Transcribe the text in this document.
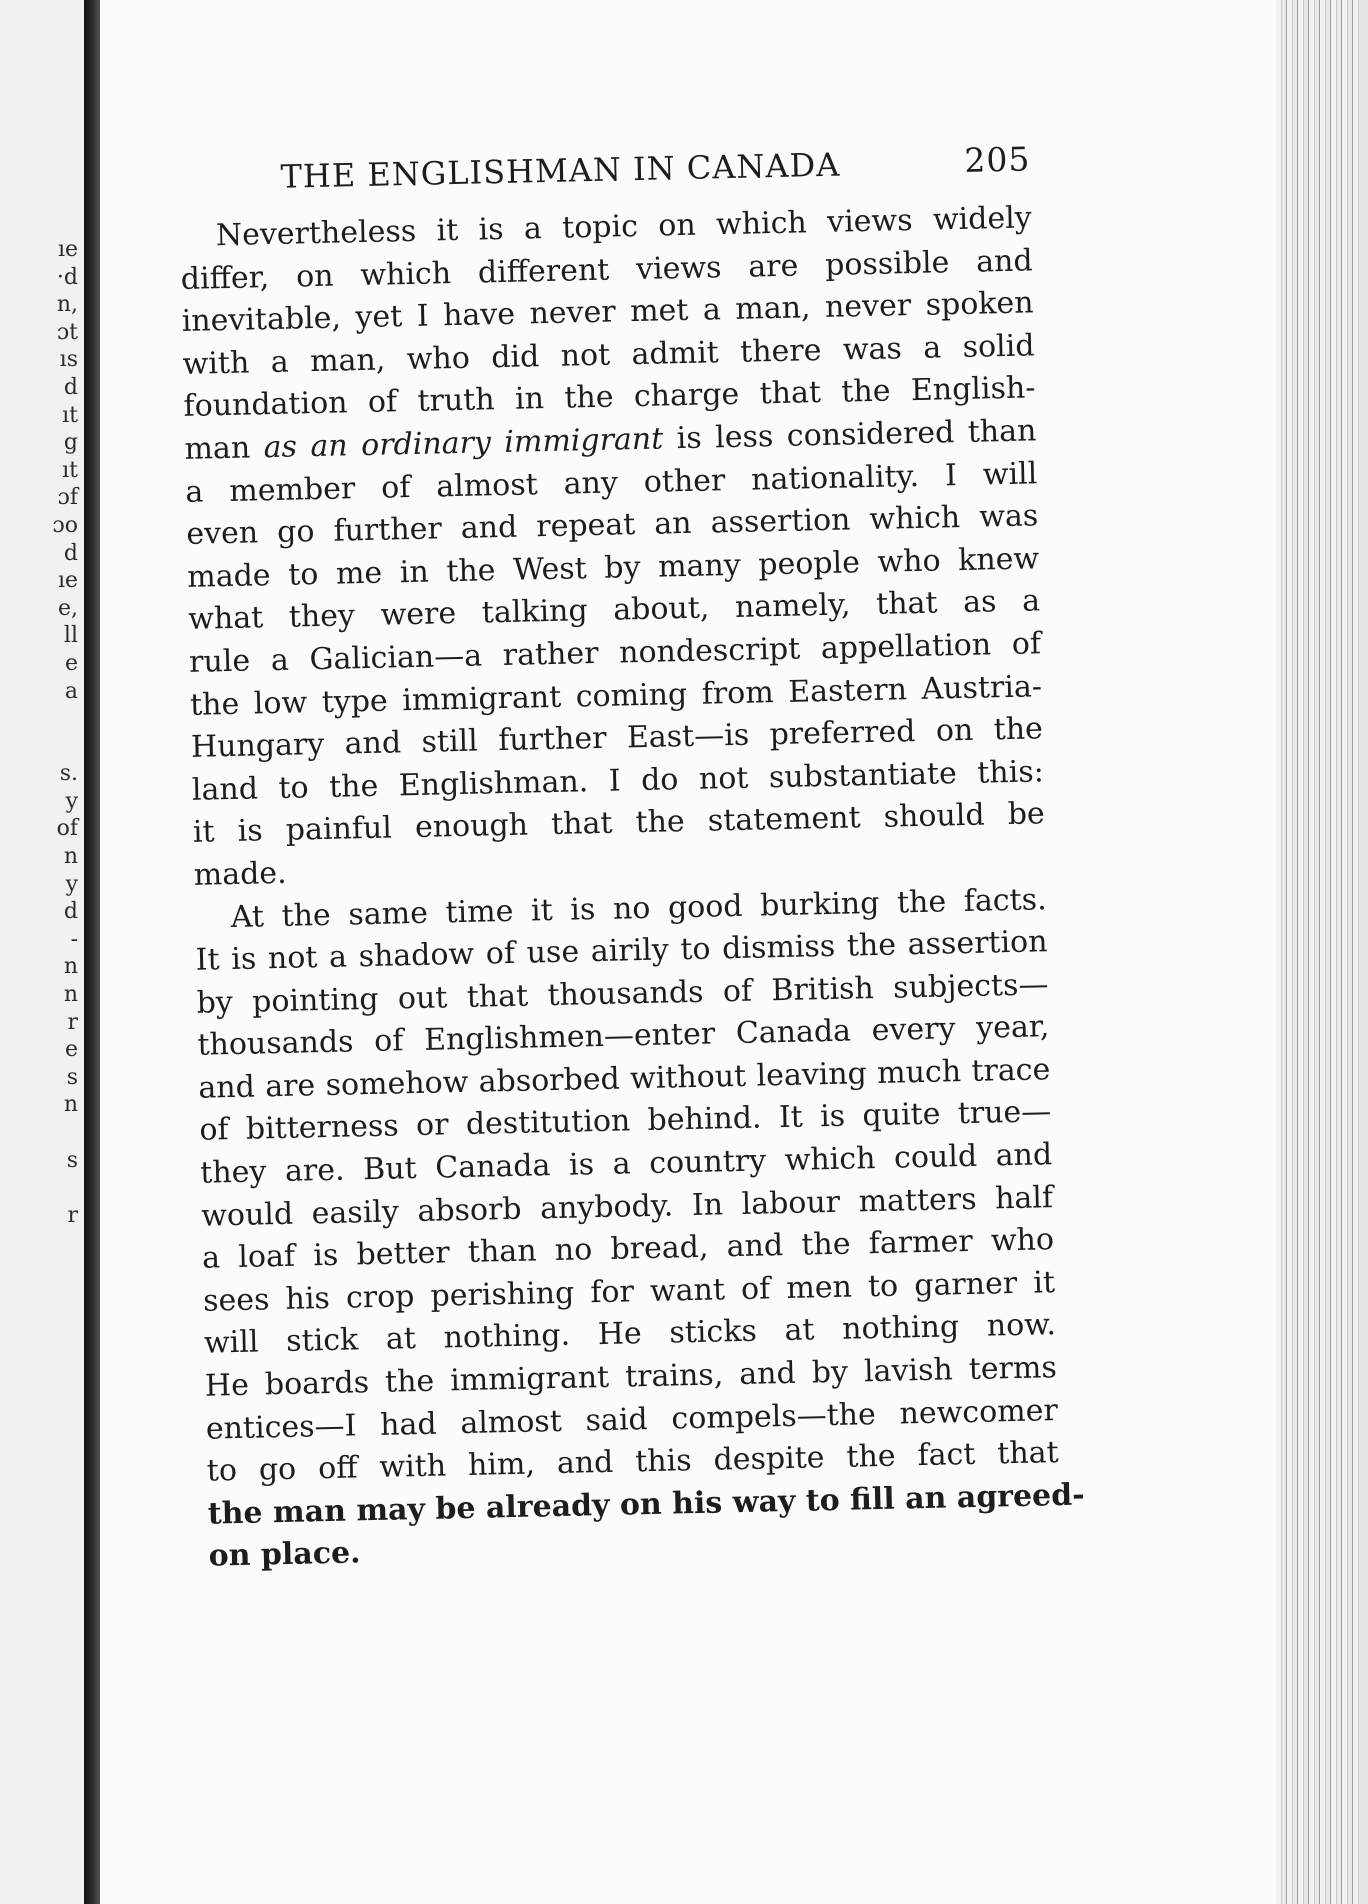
ıe
·d
n,
ɔt
ıs
d
ıt
g
ıt
ɔf
ɔo
d
ıe
e,
ll
e
a
s.
y
of
n
y
d
-
n
n
r
e
s
n
s
r
THE ENGLISHMAN IN CANADA	205
Nevertheless it is a topic on which views widely
differ, on which different views are possible and
inevitable, yet I have never met a man, never spoken
with a man, who did not admit there was a solid
foundation of truth in the charge that the English-
man as an ordinary immigrant is less considered than
a member of almost any other nationality. I will
even go further and repeat an assertion which was
made to me in the West by many people who knew
what they were talking about, namely, that as a
rule a Galician—a rather nondescript appellation of
the low type immigrant coming from Eastern Austria-
Hungary and still further East—is preferred on the
land to the Englishman. I do not substantiate this:
it is painful enough that the statement should be
made.
At the same time it is no good burking the facts.
It is not a shadow of use airily to dismiss the assertion
by pointing out that thousands of British subjects—
thousands of Englishmen—enter Canada every year,
and are somehow absorbed without leaving much trace
of bitterness or destitution behind. It is quite true—
they are. But Canada is a country which could and
would easily absorb anybody. In labour matters half
a loaf is better than no bread, and the farmer who
sees his crop perishing for want of men to garner it
will stick at nothing. He sticks at nothing now.
He boards the immigrant trains, and by lavish terms
entices—I had almost said compels—the newcomer
to go off with him, and this despite the fact that
the man may be already on his way to fill an agreed-
on place.
